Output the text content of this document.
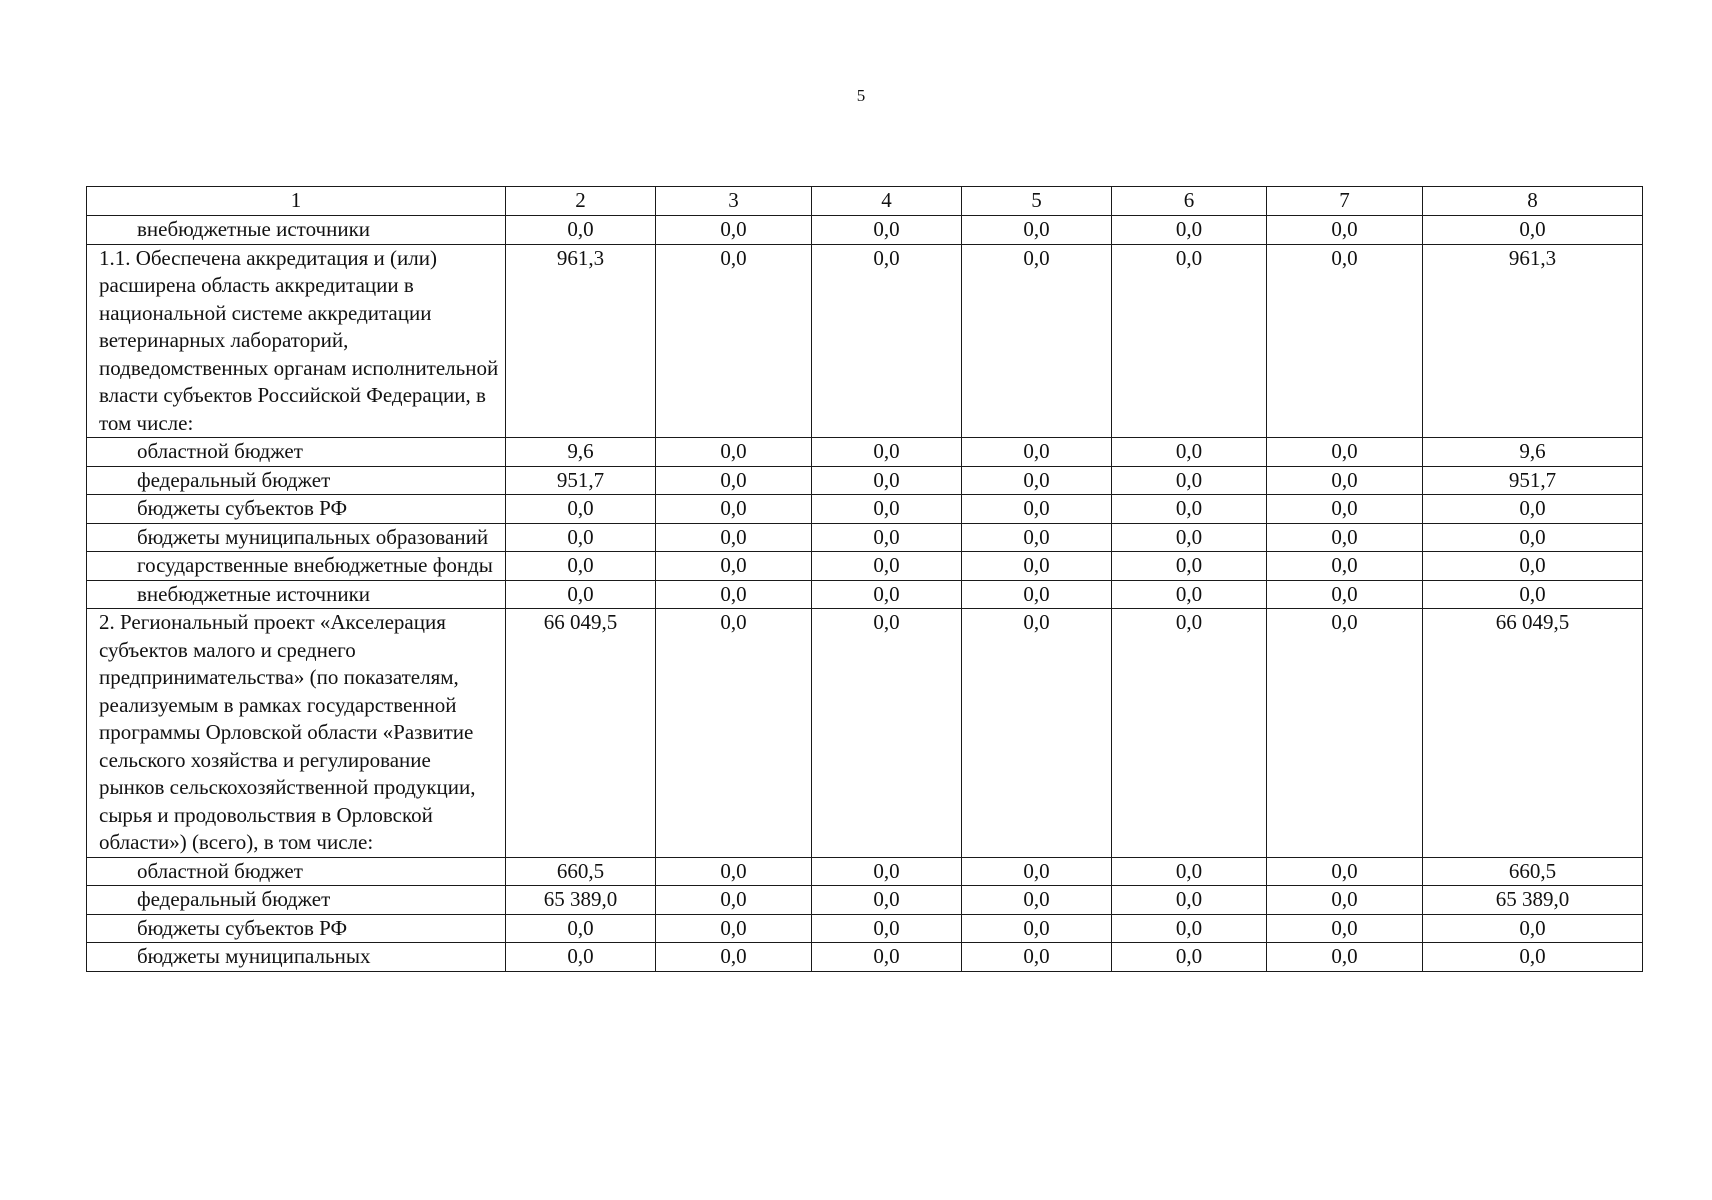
5
1	2	3	4	5	6	7	8
внебюджетные источники	0,0	0,0	0,0	0,0	0,0	0,0	0,0
1.1. Обеспечена аккредитация и (или) расширена область аккредитации в национальной системе аккредитации ветеринарных лабораторий, подведомственных органам исполнительной власти субъектов Российской Федерации, в том числе:	961,3	0,0	0,0	0,0	0,0	0,0	961,3
областной бюджет	9,6	0,0	0,0	0,0	0,0	0,0	9,6
федеральный бюджет	951,7	0,0	0,0	0,0	0,0	0,0	951,7
бюджеты субъектов РФ	0,0	0,0	0,0	0,0	0,0	0,0	0,0
бюджеты муниципальных образований	0,0	0,0	0,0	0,0	0,0	0,0	0,0
государственные внебюджетные фонды	0,0	0,0	0,0	0,0	0,0	0,0	0,0
внебюджетные источники	0,0	0,0	0,0	0,0	0,0	0,0	0,0
2. Региональный проект «Акселерация субъектов малого и среднего предпринимательства» (по показателям, реализуемым в рамках государственной программы Орловской области «Развитие сельского хозяйства и регулирование рынков сельскохозяйственной продукции, сырья и продовольствия в Орловской области») (всего), в том числе:	66 049,5	0,0	0,0	0,0	0,0	0,0	66 049,5
областной бюджет	660,5	0,0	0,0	0,0	0,0	0,0	660,5
федеральный бюджет	65 389,0	0,0	0,0	0,0	0,0	0,0	65 389,0
бюджеты субъектов РФ	0,0	0,0	0,0	0,0	0,0	0,0	0,0
бюджеты муниципальных	0,0	0,0	0,0	0,0	0,0	0,0	0,0
